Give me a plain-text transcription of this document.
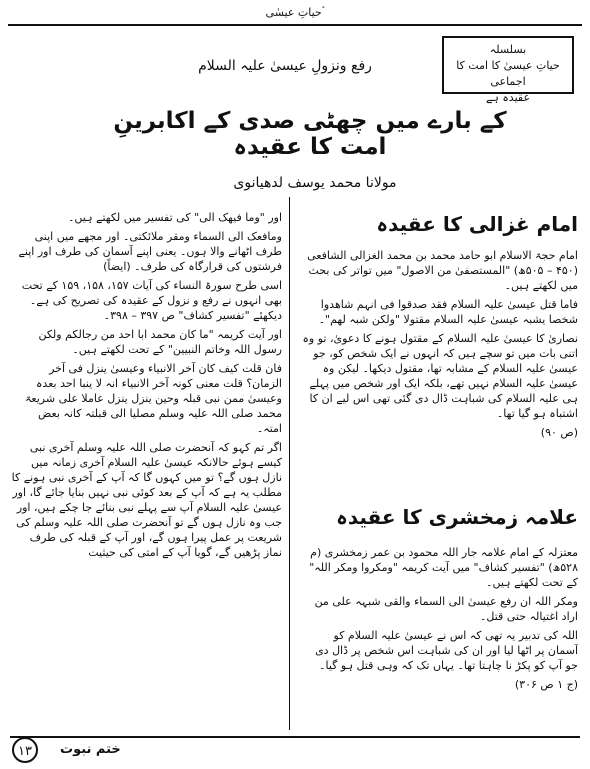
حیاتِ عیسٰی ؑ
بسلسلہ
حیاتِ عیسیٰ کا امت کا اجماعی
عقیدہ ہے
رفع ونزولِ عیسیٰ علیہ السلام
کے بارے میں چھٹی صدی کے اکابرینِ امت کا عقیدہ
مولانا محمد یوسف لدھیانوی
امام غزالی کا عقیدہ

امام حجۃ الاسلام ابو حامد محمد بن محمد الغزالی الشافعی (۴۵۰ – ۵۰۵ھ) "المستصفیٰ من الاصول" میں تواتر کی بحث میں لکھتے ہیں۔

فاما قتل عیسیٰ علیہ السلام فقد صدقوا فی انہم شاھدوا شخصا یشبہ عیسیٰ علیہ السلام مقتولا "ولکن شبہ لھم"۔

نصاریٰ کا عیسیٰ علیہ السلام کے مقتول ہونے کا دعویٰ، تو وہ اتنی بات میں تو سچے ہیں کہ انہوں نے ایک شخص کو، جو عیسیٰ علیہ السلام کے مشابہ تھا، مقتول دیکھا۔ لیکن وہ عیسیٰ علیہ السلام نہیں تھے، بلکہ ایک اور شخص میں پہلے ہی علیہ السلام کی شباہت ڈال دی گئی تھی اس لیے ان کا اشتباہ ہو گیا تھا۔

(ص ۹۰)

علامہ زمخشری کا عقیدہ

معتزلہ کے امام علامہ جار اللہ محمود بن عمر زمخشری (م ۵۲۸ھ) "تفسیر کشاف" میں آیت کریمہ "ومکروا ومکر اللہ" کے تحت لکھتے ہیں۔

ومکر اللہ ان رفع عیسیٰ الی السماء والقی شبہہ علی من اراد اغتیالہ حتی قتل۔

اللہ کی تدبیر یہ تھی کہ اس نے عیسیٰ علیہ السلام کو آسمان پر اٹھا لیا اور ان کی شباہت اس شخص پر ڈال دی جو آپ کو پکڑ نا چاہتا تھا۔ یہاں تک کہ وہی قتل ہو گیا۔

(ج ۱ ص ۳۰۶)

اور "وما فیھک الی" کی تفسیر میں لکھتے ہیں۔

ومافعک الی السماء ومقر ملائکتی۔ اور مجھے میں اپنی طرف اٹھانے والا ہوں۔ یعنی اپنے آسمان کی طرف اور اپنے فرشتوں کی قرارگاہ کی طرف۔ (ایضاً)

اسی طرح سورۃ النساء کی آیات ۱۵۷، ۱۵۸، ۱۵۹ کے تحت بھی انہوں نے رفع و نزول کے عقیدہ کی تصریح کی ہے۔ دیکھئے "تفسیر کشاف" ص ۳۹۷ – ۳۹۸۔

اور آیت کریمہ "ما کان محمد ابا احد من رجالکم ولکن رسول اللہ وخاتم النبیین" کے تحت لکھتے ہیں۔

فان قلت کیف کان آخر الانبیاء وعیسیٰ ینزل فی آخر الزمان؟ قلت معنی کونہ آخر الانبیاء انہ لا ینبا احد بعدہ وعیسیٰ ممن نبی قبلہ وحین ینزل ینزل عاملا علی شریعۃ محمد صلی اللہ علیہ وسلم مصلیا الی قبلتہ کانہ بعض امتہ۔

اگر تم کہو کہ آنحضرت صلی اللہ علیہ وسلم آخری نبی کیسے ہوئے حالانکہ عیسیٰ علیہ السلام آخری زمانہ میں نازل ہوں گے؟ تو میں کہوں گا کہ آپ کے آخری نبی ہونے کا مطلب یہ ہے کہ آپ کے بعد کوئی نبی نہیں بنایا جائے گا، اور عیسیٰ علیہ السلام آپ سے پہلے نبی بنائے جا چکے ہیں، اور جب وہ نازل ہوں گے تو آنحضرت صلی اللہ علیہ وسلم کی شریعت پر عمل پیرا ہوں گے، اور آپ کے قبلہ کی طرف نماز پڑھیں گے، گویا آپ کے امتی کی حیثیت

۱۳	ختم نبوت
